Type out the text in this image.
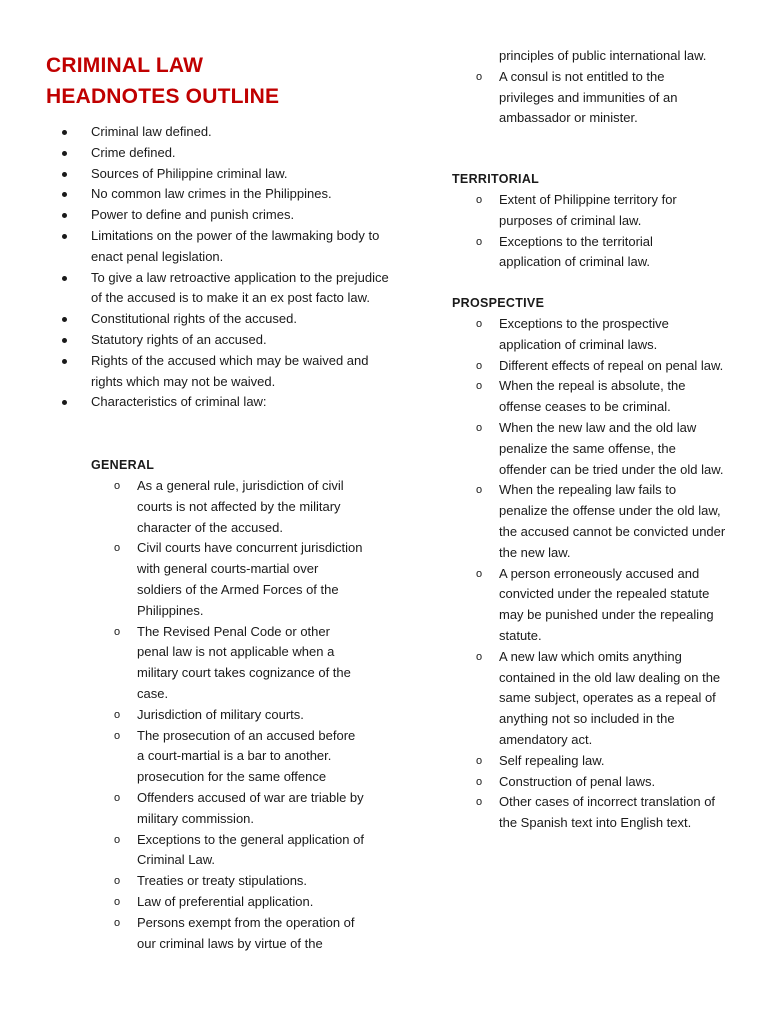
CRIMINAL LAW
HEADNOTES OUTLINE
Criminal law defined.
Crime defined.
Sources of Philippine criminal law.
No common law crimes in the Philippines.
Power to define and punish crimes.
Limitations on the power of the lawmaking body to enact penal legislation.
To give a law retroactive application to the prejudice of the accused is to make it an ex post facto law.
Constitutional rights of the accused.
Statutory rights of an accused.
Rights of the accused which may be waived and rights which may not be waived.
Characteristics of criminal law:
GENERAL
o As a general rule, jurisdiction of civil courts is not affected by the military character of the accused.
o Civil courts have concurrent jurisdiction with general courts-martial over soldiers of the Armed Forces of the Philippines.
o The Revised Penal Code or other penal law is not applicable when a military court takes cognizance of the case.
o Jurisdiction of military courts.
o The prosecution of an accused before a court-martial is a bar to another. prosecution for the same offence
o Offenders accused of war are triable by military commission.
o Exceptions to the general application of Criminal Law.
o Treaties or treaty stipulations.
o Law of preferential application.
o Persons exempt from the operation of our criminal laws by virtue of the
principles of public international law.
o A consul is not entitled to the privileges and immunities of an ambassador or minister.
TERRITORIAL
o Extent of Philippine territory for purposes of criminal law.
o Exceptions to the territorial application of criminal law.
PROSPECTIVE
o Exceptions to the prospective application of criminal laws.
o Different effects of repeal on penal law.
o When the repeal is absolute, the offense ceases to be criminal.
o When the new law and the old law penalize the same offense, the offender can be tried under the old law.
o When the repealing law fails to penalize the offense under the old law, the accused cannot be convicted under the new law.
o A person erroneously accused and convicted under the repealed statute may be punished under the repealing statute.
o A new law which omits anything contained in the old law dealing on the same subject, operates as a repeal of anything not so included in the amendatory act.
o Self repealing law.
o Construction of penal laws.
o Other cases of incorrect translation of the Spanish text into English text.
